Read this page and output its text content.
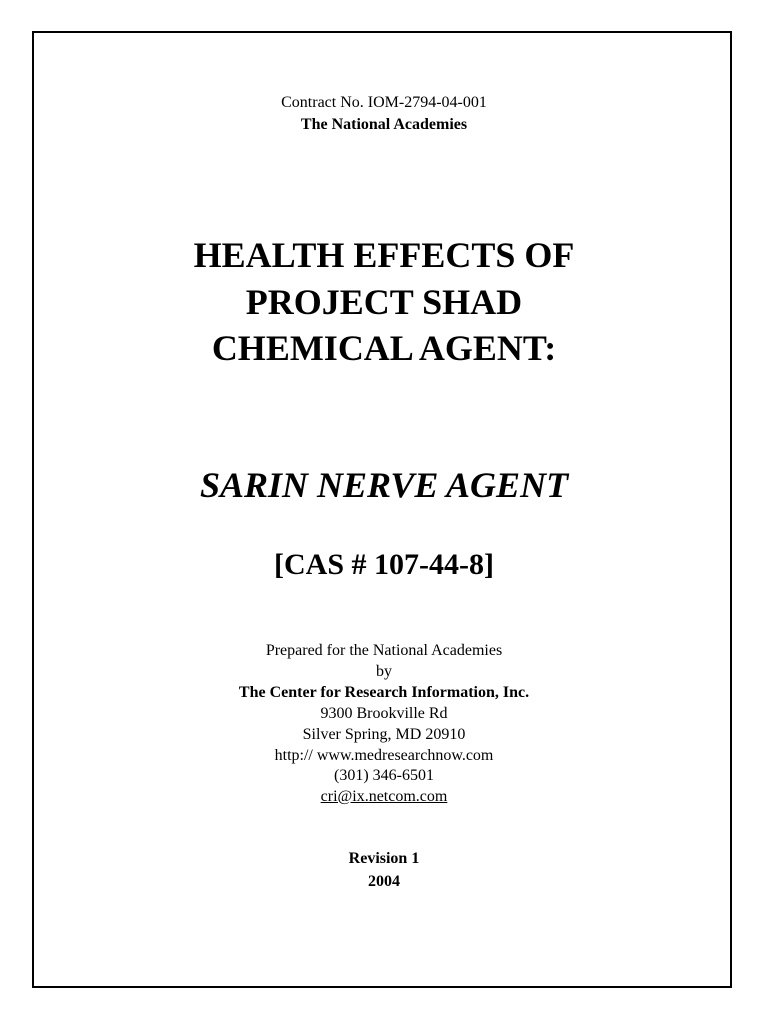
Contract No. IOM-2794-04-001
The National Academies
HEALTH EFFECTS OF
PROJECT SHAD
CHEMICAL AGENT:
SARIN NERVE AGENT
[CAS # 107-44-8]
Prepared for the National Academies
by
The Center for Research Information, Inc.
9300 Brookville Rd
Silver Spring, MD 20910
http:// www.medresearchnow.com
(301) 346-6501
cri@ix.netcom.com
Revision 1
2004
